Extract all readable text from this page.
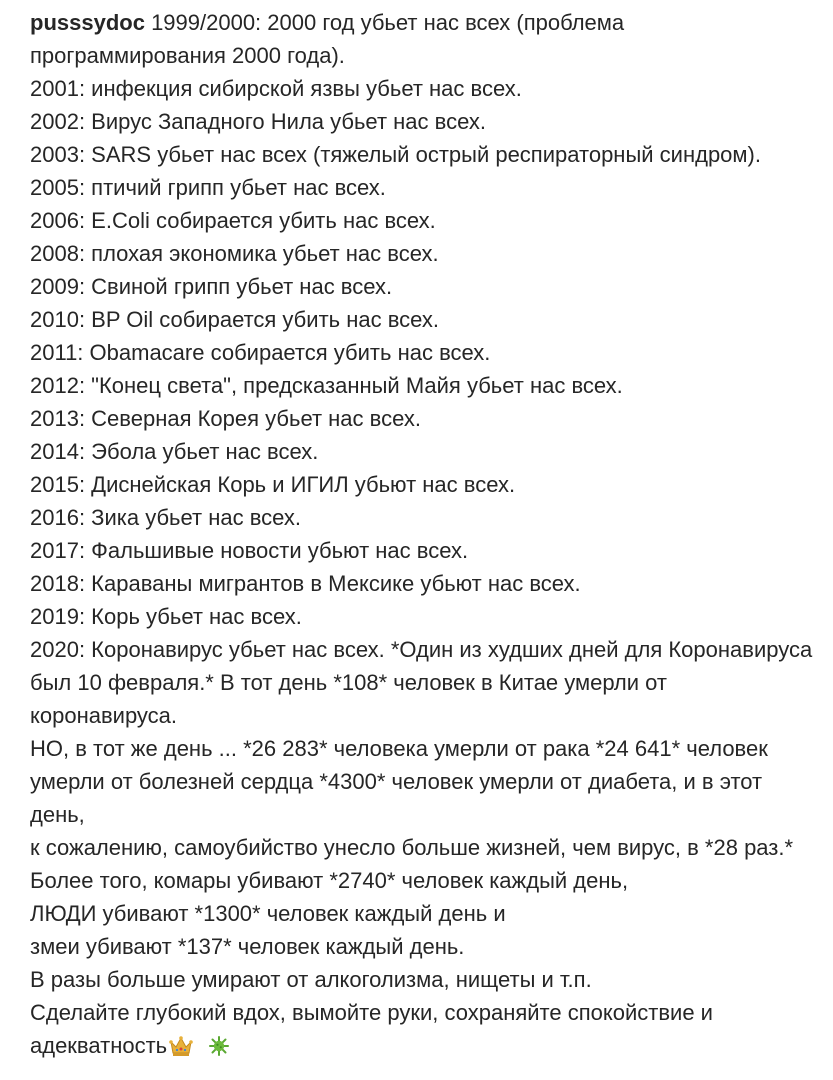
pusssydoc 1999/2000: 2000 год убьет нас всех (проблема программирования 2000 года).

2001: инфекция сибирской язвы убьет нас всех.

2002: Вирус Западного Нила убьет нас всех.

2003: SARS убьет нас всех (тяжелый острый респираторный синдром).

2005: птичий грипп убьет нас всех.

2006: E.Coli собирается убить нас всех.

2008: плохая экономика убьет нас всех.

2009: Свиной грипп убьет нас всех.

2010: BP Oil собирается убить нас всех.

2011: Obamacare собирается убить нас всех.

2012: "Конец света", предсказанный Майя убьет нас всех.

2013: Северная Корея убьет нас всех.

2014: Эбола убьет нас всех.

2015: Диснейская Корь и ИГИЛ убьют нас всех.

2016: Зика убьет нас всех.

2017: Фальшивые новости убьют нас всех.

2018: Караваны мигрантов в Мексике убьют нас всех.

2019: Корь убьет нас всех.

2020: Коронавирус убьет нас всех. *Один из худших дней для Коронавируса был 10 февраля.* В тот день *108* человек в Китае умерли от коронавируса.

НО, в тот же день ... *26 283* человека умерли от рака *24 641* человек умерли от болезней сердца *4300* человек умерли от диабета, и в этот день,

к сожалению, самоубийство унесло больше жизней, чем вирус, в *28 раз.* Более того, комары убивают *2740* человек каждый день,

ЛЮДИ убивают *1300* человек каждый день и

змеи убивают *137* человек каждый день.

В разы больше умирают от алкоголизма, нищеты и т.п.

Сделайте глубокий вдох, вымойте руки, сохраняйте спокойствие и адекватность
